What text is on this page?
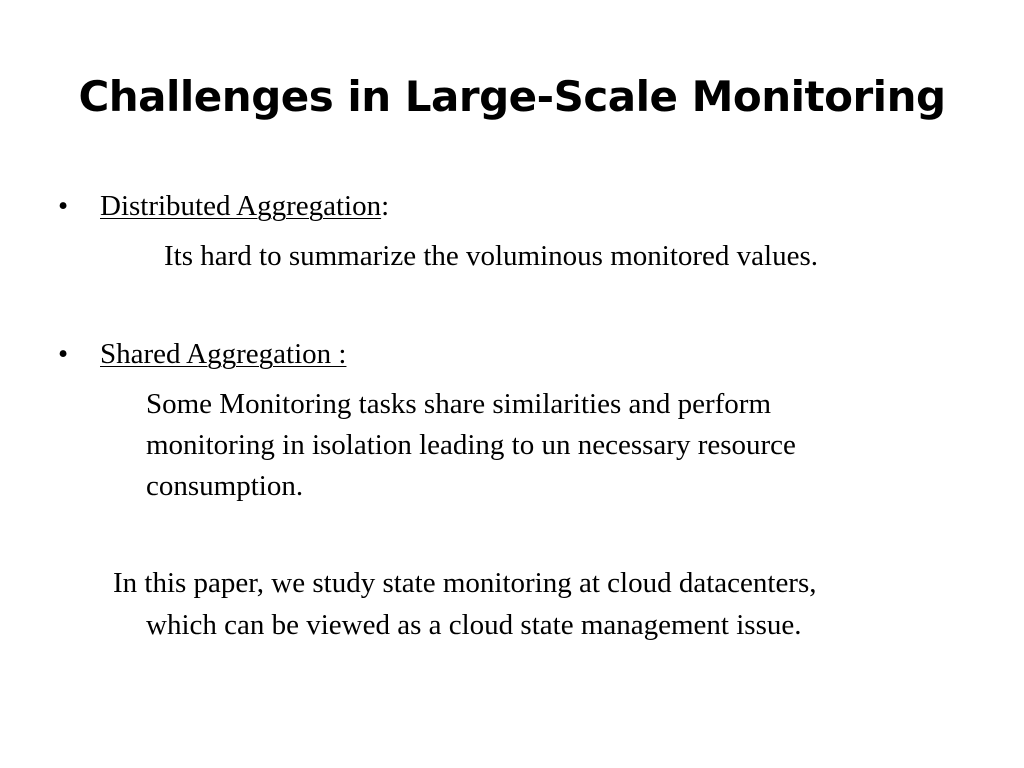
Challenges in Large-Scale Monitoring
• Distributed Aggregation:
Its hard to summarize the voluminous monitored values.
• Shared Aggregation :
Some Monitoring tasks share similarities and perform
monitoring in isolation leading to un necessary resource
consumption.
In this paper, we study state monitoring at cloud datacenters,
which can be viewed as a cloud state management issue.
